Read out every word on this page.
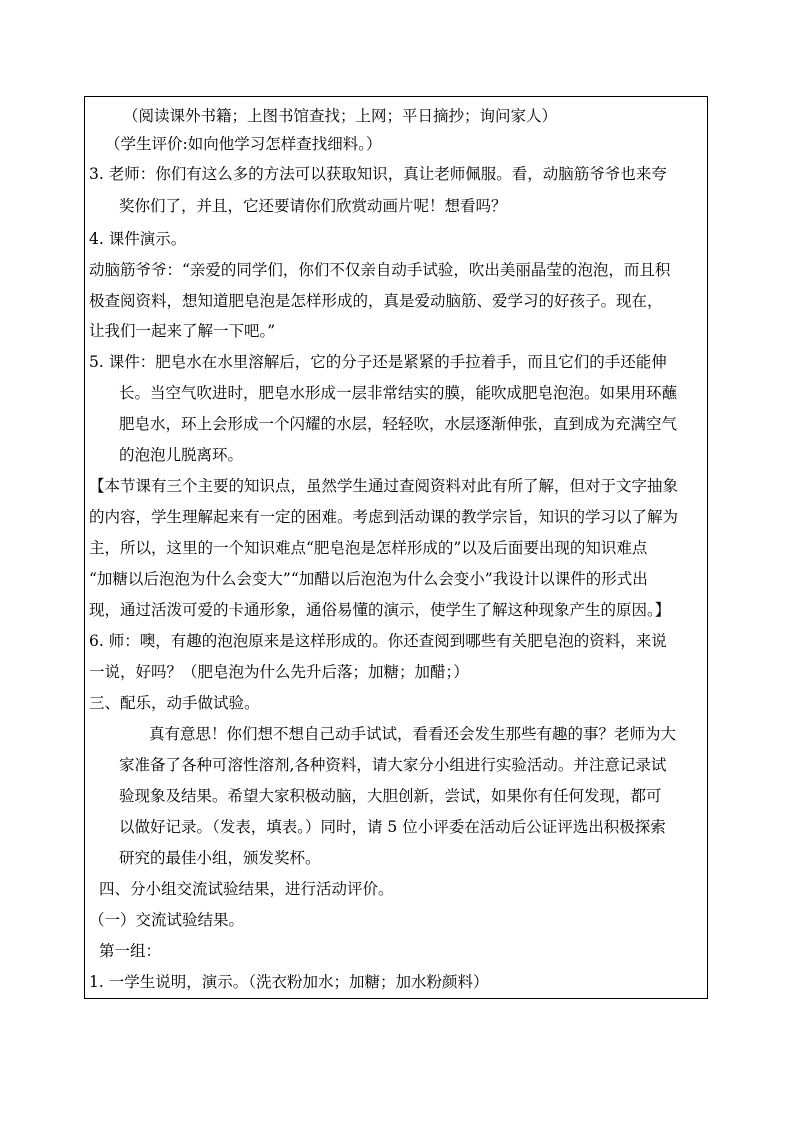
（阅读课外书籍；上图书馆查找；上网；平日摘抄；询问家人）
（学生评价:如向他学习怎样查找细料。）
3. 老师：你们有这么多的方法可以获取知识，真让老师佩服。看，动脑筋爷爷也来夸
奖你们了，并且，它还要请你们欣赏动画片呢！想看吗？
4. 课件演示。
动脑筋爷爷：“亲爱的同学们，你们不仅亲自动手试验，吹出美丽晶莹的泡泡，而且积
极查阅资料，想知道肥皂泡是怎样形成的，真是爱动脑筋、爱学习的好孩子。现在，
让我们一起来了解一下吧。”
5. 课件：肥皂水在水里溶解后，它的分子还是紧紧的手拉着手，而且它们的手还能伸
长。当空气吹进时，肥皂水形成一层非常结实的膜，能吹成肥皂泡泡。如果用环蘸
肥皂水，环上会形成一个闪耀的水层，轻轻吹，水层逐渐伸张，直到成为充满空气
的泡泡儿脱离环。
【本节课有三个主要的知识点，虽然学生通过查阅资料对此有所了解，但对于文字抽象
的内容，学生理解起来有一定的困难。考虑到活动课的教学宗旨，知识的学习以了解为
主，所以，这里的一个知识难点“肥皂泡是怎样形成的”以及后面要出现的知识难点
“加糖以后泡泡为什么会变大”“加醋以后泡泡为什么会变小”我设计以课件的形式出
现，通过活泼可爱的卡通形象，通俗易懂的演示，使学生了解这种现象产生的原因。】
6. 师：噢，有趣的泡泡原来是这样形成的。你还查阅到哪些有关肥皂泡的资料，来说
一说，好吗？（肥皂泡为什么先升后落；加糖；加醋；）
三、配乐，动手做试验。
真有意思！你们想不想自己动手试试，看看还会发生那些有趣的事？老师为大
家准备了各种可溶性溶剂,各种资料，请大家分小组进行实验活动。并注意记录试
验现象及结果。希望大家积极动脑，大胆创新，尝试，如果你有任何发现，都可
以做好记录。（发表，填表。）同时，请 5 位小评委在活动后公证评选出积极探索
研究的最佳小组，颁发奖杯。
四、分小组交流试验结果，进行活动评价。
（一）交流试验结果。
第一组：
1. 一学生说明，演示。（洗衣粉加水；加糖；加水粉颜料）
